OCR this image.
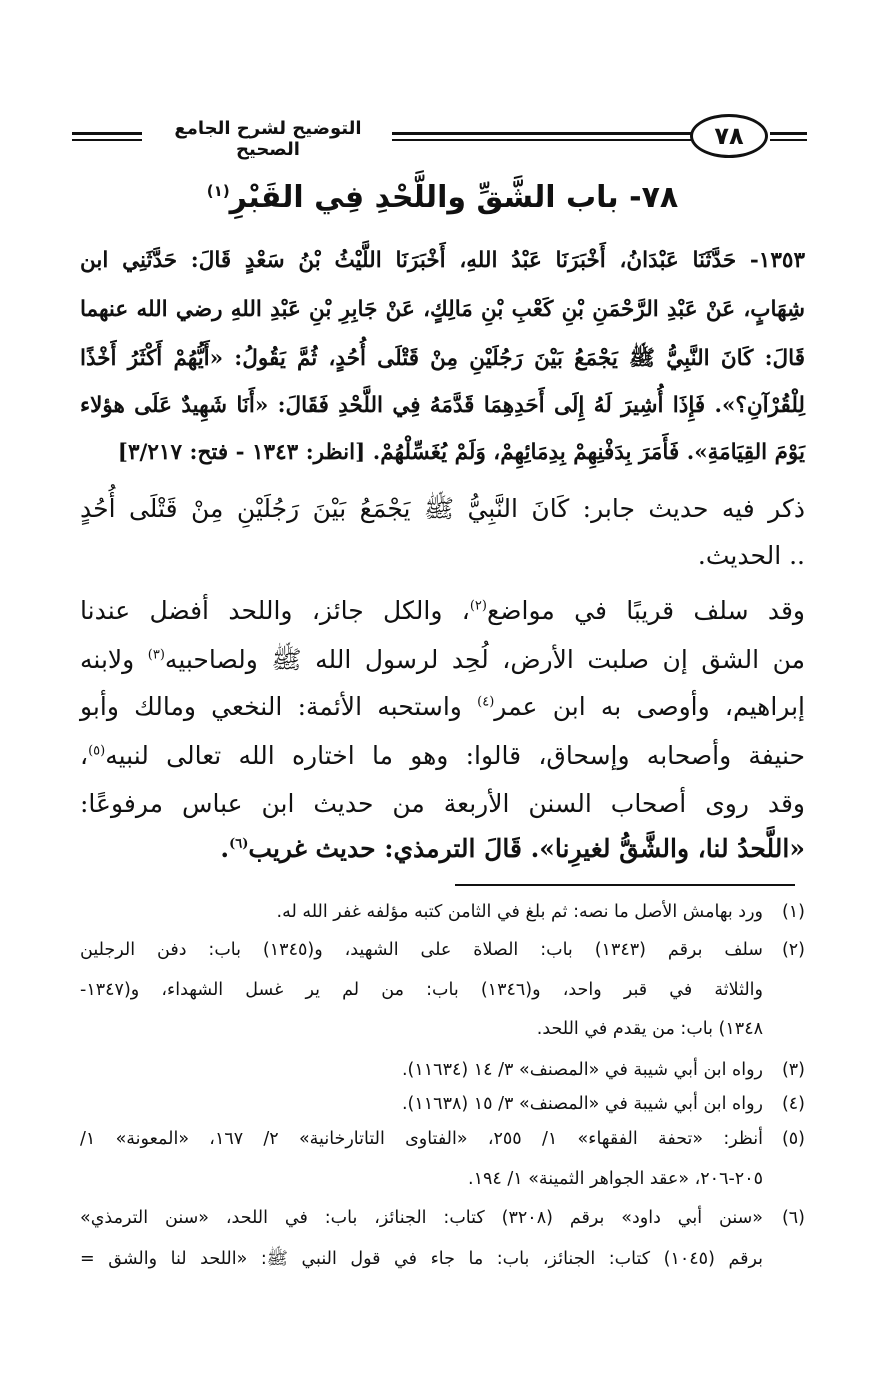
التوضيح لشرح الجامع الصحيح	٧٨
٧٨- باب الشَّقِّ واللَّحْدِ فِي القَبْرِ$^{(١)}$
١٣٥٣- حَدَّثَنَا عَبْدَانُ، أَخْبَرَنَا عَبْدُ اللهِ، أَخْبَرَنَا اللَّيْثُ بْنُ سَعْدٍ قَالَ: حَدَّثَنِي ابن
شِهَابٍ، عَنْ عَبْدِ الرَّحْمَنِ بْنِ كَعْبِ بْنِ مَالِكٍ، عَنْ جَابِرِ بْنِ عَبْدِ اللهِ رضي الله عنهما
قَالَ: كَانَ النَّبِيُّ ﷺ يَجْمَعُ بَيْنَ رَجُلَيْنِ مِنْ قَتْلَى أُحُدٍ، ثُمَّ يَقُولُ: «أَيُّهُمْ أَكْثَرُ أَخْذًا
لِلْقُرْآنِ؟». فَإِذَا أُشِيرَ لَهُ إِلَى أَحَدِهِمَا قَدَّمَهُ فِي اللَّحْدِ فَقَالَ: «أَنَا شَهِيدٌ عَلَى هؤلاء
يَوْمَ القِيَامَةِ». فَأَمَرَ بِدَفْنِهِمْ بِدِمَائِهِمْ، وَلَمْ يُغَسِّلْهُمْ. [انظر: ١٣٤٣ - فتح: ٣/٢١٧]
ذكر فيه حديث جابر: كَانَ النَّبِيُّ ﷺ يَجْمَعُ بَيْنَ رَجُلَيْنِ مِنْ قَتْلَى أُحُدٍ
.. الحديث.
وقد سلف قريبًا في مواضع$^{(٢)}$، والكل جائز، واللحد أفضل عندنا
من الشق إن صلبت الأرض، لُحِد لرسول الله ﷺ ولصاحبيه$^{(٣)}$ ولابنه
إبراهيم، وأوصى به ابن عمر$^{(٤)}$ واستحبه الأئمة: النخعي ومالك وأبو
حنيفة وأصحابه وإسحاق، قالوا: وهو ما اختاره الله تعالى لنبيه$^{(٥)}$،
وقد روى أصحاب السنن الأربعة من حديث ابن عباس مرفوعًا:
«اللَّحدُ لنا، والشَّقُّ لغيرِنا». قَالَ الترمذي: حديث غريب$^{(٦)}$.
(١)
ورد بهامش الأصل ما نصه: ثم بلغ في الثامن كتبه مؤلفه غفر الله له.
(٢)
سلف برقم (١٣٤٣) باب: الصلاة على الشهيد، و(١٣٤٥) باب: دفن الرجلين
والثلاثة في قبر واحد، و(١٣٤٦) باب: من لم ير غسل الشهداء، و(١٣٤٧-
١٣٤٨) باب: من يقدم في اللحد.
(٣)
رواه ابن أبي شيبة في «المصنف» ٣/ ١٤ (١١٦٣٤).
(٤)
رواه ابن أبي شيبة في «المصنف» ٣/ ١٥ (١١٦٣٨).
(٥)
أنظر: «تحفة الفقهاء» ١/ ٢٥٥، «الفتاوى التاتارخانية» ٢/ ١٦٧، «المعونة» ١/
٢٠٥-٢٠٦، «عقد الجواهر الثمينة» ١/ ١٩٤.
(٦)
«سنن أبي داود» برقم (٣٢٠٨) كتاب: الجنائز، باب: في اللحد، «سنن الترمذي»
برقم (١٠٤٥) كتاب: الجنائز، باب: ما جاء في قول النبي ﷺ: «اللحد لنا والشق =
